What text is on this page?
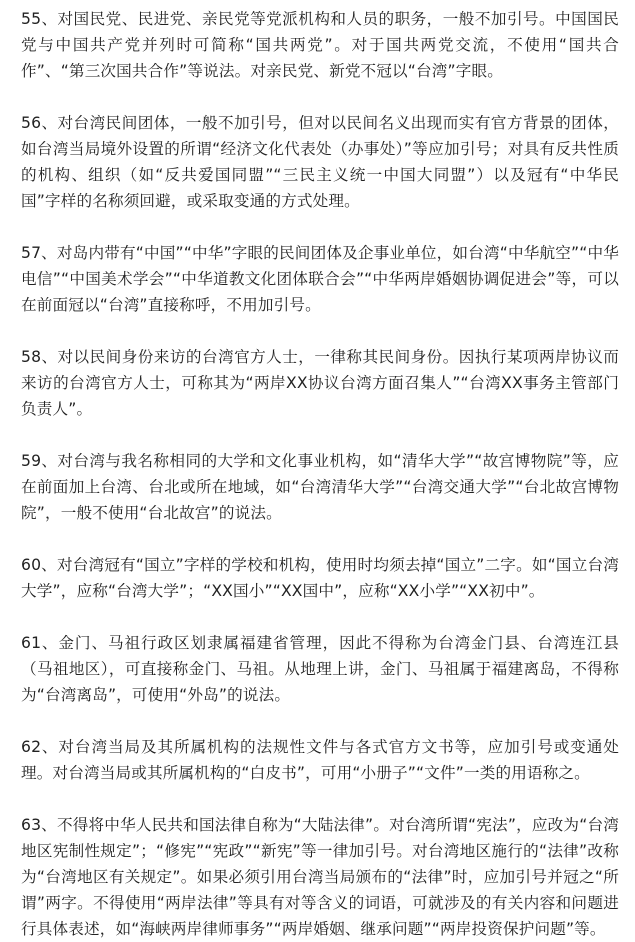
55、对国民党、民进党、亲民党等党派机构和人员的职务，一般不加引号。中国国民党与中国共产党并列时可简称“国共两党”。对于国共两党交流，不使用“国共合作”、“第三次国共合作”等说法。对亲民党、新党不冠以“台湾”字眼。

56、对台湾民间团体，一般不加引号，但对以民间名义出现而实有官方背景的团体，如台湾当局境外设置的所谓“经济文化代表处（办事处）”等应加引号；对具有反共性质的机构、组织（如“反共爱国同盟”“三民主义统一中国大同盟”）以及冠有“中华民国”字样的名称须回避，或采取变通的方式处理。

57、对岛内带有“中国”“中华”字眼的民间团体及企事业单位，如台湾“中华航空”“中华电信”“中国美术学会”“中华道教文化团体联合会”“中华两岸婚姻协调促进会”等，可以在前面冠以“台湾”直接称呼，不用加引号。

58、对以民间身份来访的台湾官方人士，一律称其民间身份。因执行某项两岸协议而来访的台湾官方人士，可称其为“两岸XX协议台湾方面召集人”“台湾XX事务主管部门负责人”。

59、对台湾与我名称相同的大学和文化事业机构，如“清华大学”“故宫博物院”等，应在前面加上台湾、台北或所在地域，如“台湾清华大学”“台湾交通大学”“台北故宫博物院”，一般不使用“台北故宫”的说法。

60、对台湾冠有“国立”字样的学校和机构，使用时均须去掉“国立”二字。如“国立台湾大学”，应称“台湾大学”；“XX国小”“XX国中”，应称“XX小学”“XX初中”。

61、金门、马祖行政区划隶属福建省管理，因此不得称为台湾金门县、台湾连江县（马祖地区），可直接称金门、马祖。从地理上讲，金门、马祖属于福建离岛，不得称为“台湾离岛”，可使用“外岛”的说法。

62、对台湾当局及其所属机构的法规性文件与各式官方文书等，应加引号或变通处理。对台湾当局或其所属机构的“白皮书”，可用“小册子”“文件”一类的用语称之。

63、不得将中华人民共和国法律自称为“大陆法律”。对台湾所谓“宪法”，应改为“台湾地区宪制性规定”；“修宪”“宪政”“新宪”等一律加引号。对台湾地区施行的“法律”改称为“台湾地区有关规定”。如果必须引用台湾当局颁布的“法律”时，应加引号并冠之“所谓”两字。不得使用“两岸法律”等具有对等含义的词语，可就涉及的有关内容和问题进行具体表述，如“海峡两岸律师事务”“两岸婚姻、继承问题”“两岸投资保护问题”等。
